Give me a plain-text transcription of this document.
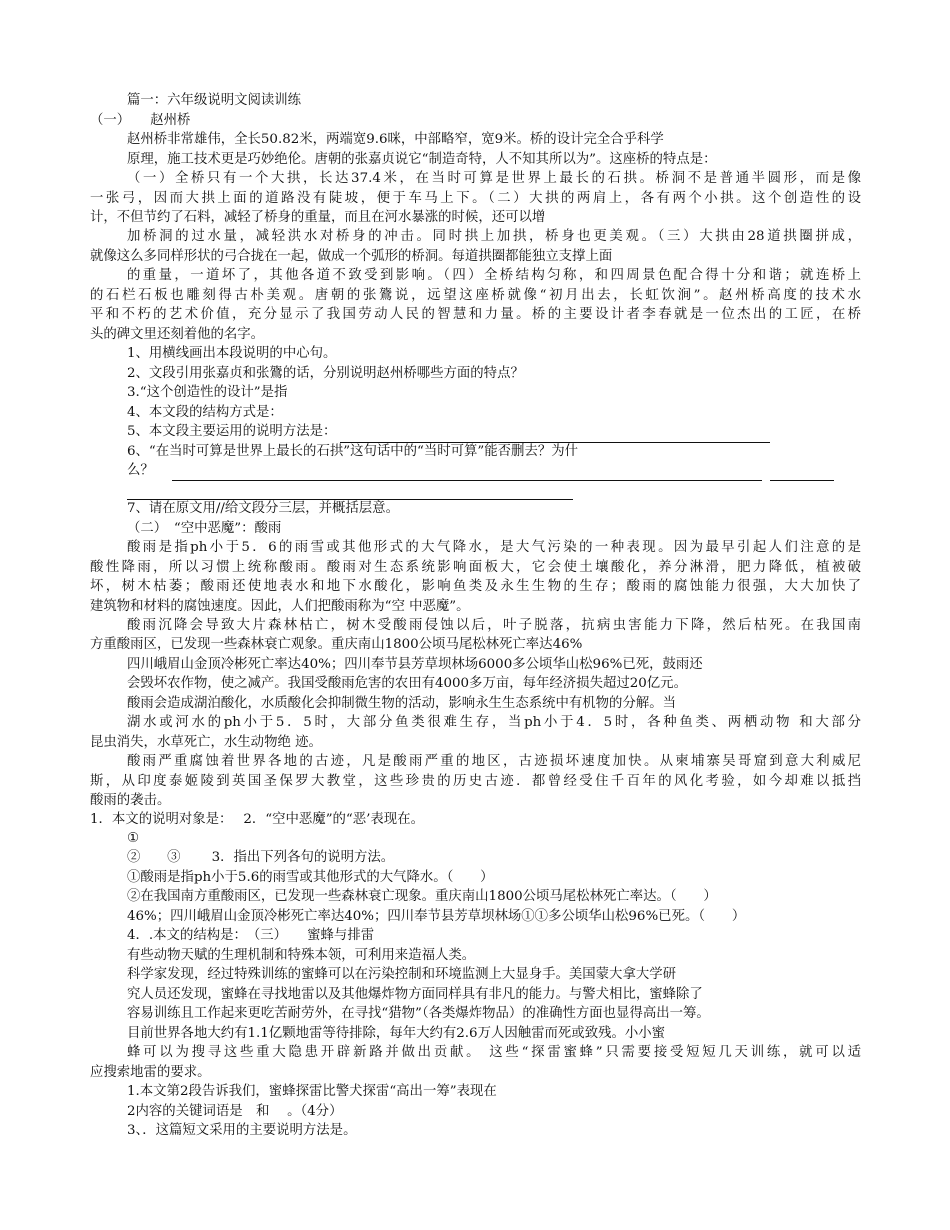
篇一：六年级说明文阅读训练
（一）　　赵州桥
赵州桥非常雄伟，全长50.82米，两端宽9.6咪，中部略窄，宽9米。桥的设计完全合乎科学
原理，施工技术更是巧妙绝伦。唐朝的张嘉贞说它“制造奇特，人不知其所以为”。这座桥的特点是：
（一）全桥只有一个大拱，长达37.4米，在当时可算是世界上最长的石拱。桥洞不是普通半圆形，而是像
一张弓，因而大拱上面的道路没有陡坡，便于车马上下。（二）大拱的两肩上，各有两个小拱。这个创造性的设
计，不但节约了石料，减轻了桥身的重量，而且在河水暴涨的时候，还可以增
加桥洞的过水量，减轻洪水对桥身的冲击。同时拱上加拱，桥身也更美观。（三）大拱由28道拱圈拼成，
就像这么多同样形状的弓合拢在一起，做成一个弧形的桥洞。每道拱圈都能独立支撑上面
的重量，一道坏了，其他各道不致受到影响。（四）全桥结构匀称，和四周景色配合得十分和谐；就连桥上
的石栏石板也雕刻得古朴美观。唐朝的张鷟说，远望这座桥就像“初月出去，长虹饮涧”。赵州桥高度的技术水
平和不朽的艺术价值，充分显示了我国劳动人民的智慧和力量。桥的主要设计者李春就是一位杰出的工匠，在桥
头的碑文里还刻着他的名字。
1、用横线画出本段说明的中心句。
2、文段引用张嘉贞和张鷟的话，分别说明赵州桥哪些方面的特点？
3.“这个创造性的设计”是指
4、本文段的结构方式是：
5、本文段主要运用的说明方法是：
6、“在当时可算是世界上最长的石拱”这句话中的“当时可算”能否删去？为什
么？
7、请在原文用//给文段分三层，并概括层意。
（二）　“空中恶魔”：酸雨
酸雨是指ph小于5．6的雨雪或其他形式的大气降水，是大气污染的一种表现。因为最早引起人们注意的是
酸性降雨，所以习惯上统称酸雨。酸雨对生态系统影响面板大，它会使土壤酸化，养分淋滑，肥力降低，植被破
坏，树木枯萎；酸雨还使地表水和地下水酸化，影响鱼类及永生生物的生存；酸雨的腐蚀能力很强，大大加快了
建筑物和材料的腐蚀速度。因此，人们把酸雨称为“空 中恶魔”。
酸雨沉降会导致大片森林枯亡，树木受酸雨侵蚀以后，叶子脱落，抗病虫害能力下降，然后枯死。在我国南
方重酸雨区，已发现一些森林衰亡观象。重庆南山1800公顷马尾松林死亡率达46%
四川峨眉山金顶冷彬死亡率达40%；四川奉节县芳草坝林场6000多公顷华山松96%已死，鼓雨还
会毁坏农作物，使之减产。我国受酸雨危害的农田有4000多万亩，每年经济损失超过20亿元。
酸雨会造成湖泊酸化，水质酸化会抑制微生物的活动，影响永生生态系统中有机物的分解。当
湖水或河水的ph小于5．5时，大部分鱼类很难生存，当ph小于4．5时，各种鱼类、两栖动物 和大部分
昆虫消失，水草死亡，水生动物绝 迹。
酸雨严重腐蚀着世界各地的古迹，凡是酸雨严重的地区，古迹损坏速度加快。从柬埔寨吴哥窟到意大利威尼
斯，从印度泰姬陵到英国圣保罗大教堂，这些珍贵的历史古迹．都曾经受住千百年的风化考验，如今却难以抵挡
酸雨的袭击。
1．本文的说明对象是：　 2．“空中恶魔”的“恶’表现在。
①
②　　③　　 3．指出下列各句的说明方法。
①酸雨是指ph小于5.6的雨雪或其他形式的大气降水。（　　）
②在我国南方重酸雨区，已发现一些森林衰亡现象。重庆南山1800公顷马尾松林死亡率达。（　　）
46%；四川峨眉山金顶冷彬死亡率达40%；四川奉节县芳草坝林场①①多公顷华山松96%已死。（　　）
4．.本文的结构是：　（三）　　蜜蜂与排雷
有些动物天赋的生理机制和特殊本领，可利用来造福人类。
科学家发现，经过特殊训练的蜜蜂可以在污染控制和环境监测上大显身手。美国蒙大拿大学研
究人员还发现，蜜蜂在寻找地雷以及其他爆炸物方面同样具有非凡的能力。与警犬相比，蜜蜂除了
容易训练且工作起来更吃苦耐劳外，在寻找“猎物”（各类爆炸物品）的准确性方面也显得高出一筹。
目前世界各地大约有1.1亿颗地雷等待排除，每年大约有2.6万人因触雷而死或致残。小小蜜
蜂可以为搜寻这些重大隐患开辟新路并做出贡献。 这些“探雷蜜蜂”只需要接受短短几天训练，就可以适
应搜索地雷的要求。
1.本文第2段告诉我们，蜜蜂探雷比警犬探雷“高出一筹”表现在
2内容的关键词语是　和　 。（4分）
3、．这篇短文采用的主要说明方法是。
